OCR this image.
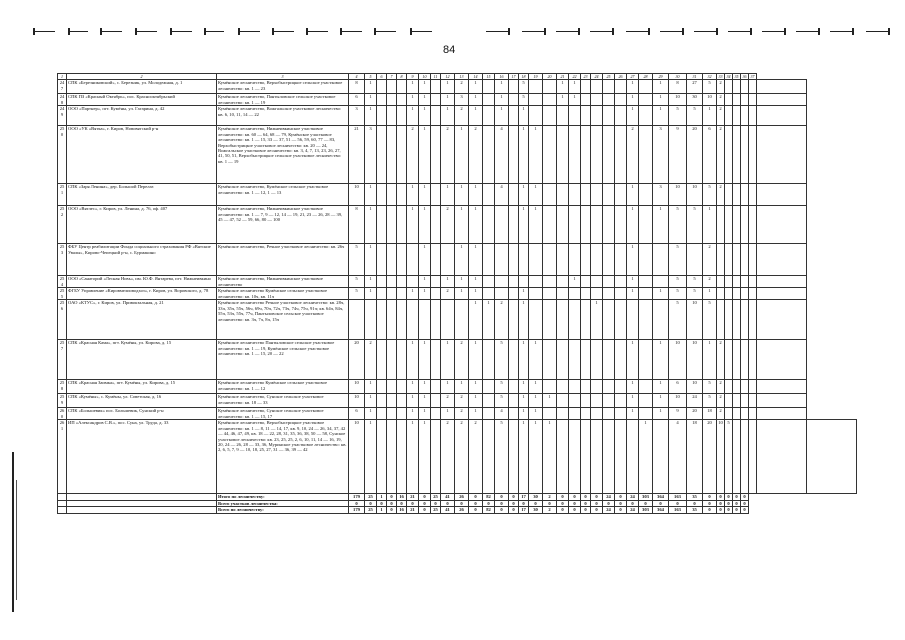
84
1	2	3	4	5	6	7	8	9	10	11	12	13	14	15	16	17	18	19	20	21	22	23	24	25	26	27	28	29	30	31	32	33	34	35	36	37		
247	СПК «Березниковский», с. Березник, ул. Молодежная, д. 1	Кумёнское лесничество, Верхобыстрицкое сельское участковое лесничество: кв. 1 — 23	8	1				1	1		1	2	1		1		5			1	1					1		1	8	27	5	2						
248	СПК ПЗ «Красный Октябрь», пос. Краснооктябрьский	Кумёнское лесничество, Пантыловское сельское участковое лесничество: кв. 1 — 19	6	1				1	1		1	3	1		1		5			1	1					1		1	10	30	10	2						
249	ООО «Партнер», пгт. Кумёны, ул. Гагарина, д. 42	Кумёнское лесничество, Вожгальское участковое лесничество: кв. 6, 10, 11, 14 — 22	3	1				1	1		1	2	1		1		1									1		1	5	5	1	2						
250	ООО «УК «Вятка», г. Киров, Нововятский р-н	Кумёнское лесничество, Нижнеивкинское участковое лесничество: кв. 60 — 64, 68 — 79, Кумёнское участковое лесничество: кв. 1 — 15, 33 — 37, 51 — 56, 59, 60, 77 — 83, Верхобыстрицкое участковое лесничество: кв. 20 — 24, Вожгальское участковое лесничество: кв. 3, 4, 7, 13, 23, 26, 27, 41, 50, 51, Верхобыстрицкое сельское участковое лесничество: кв. 1 — 19	21	3				2	1		2	1	2		4		1	1								2		3	9	20	6	2						
251	СПК «Заря Ленина», дер. Большой Перелаз	Кумёнское лесничество, Кумёнское сельское участковое лесничество: кв. 1 — 12, 1 — 13	10	1				1	1		1	1	1		4		1	1								1		3	10	10	5	2						
252	ООО «Вятлес», г. Киров, ул. Ленина, д. 76, оф. 407	Кумёнское лесничество, Нижнеивкинское участковое лесничество: кв. 1 — 7, 9 — 12, 14 — 19, 21, 23 — 26, 28 — 39, 45 — 47, 52 — 59, 66, 80 — 100	8	1				1	1		2	1	1				1	1								1		1	5	5	1							
253	ФБУ Центр реабилитации Фонда социального страхования РФ «Вятские Увалы», Кирово-Чепецкий р-н, с. Бурмакино	Кумёнское лесничество, Речное участковое лесничество: кв. 26ч	5	1					1			1	1													1			5		2							
254	ООО «Санаторий «Лесная Новь», им. Ю.Ф. Янтарева, пгт. Нижнеивкино	Кумёнское лесничество, Нижнеивкинское участковое лесничество	5	1					1		1	1	1								1					1			5	5	2							
255	ФГБУ Управление «Кировмелиоводхоз», г. Киров, ул. Воровского, д. 78	Кумёнское лесничество Кумёнское сельское участковое лесничество: кв. 10ч, кв. 11ч	5	1				1	1		2	1	1				1									1		1	5	5	1							
256	ОАО «КТУС», г. Киров, ул. Привокзальная, д. 21	Кумёнское лесничество Речное участковое лесничество: кв. 28ч, 33ч, 35ч, 55ч, 56ч, 69ч, 70ч, 72ч, 73ч, 74ч, 75ч, 91ч; кв. 64ч, 84ч, 55ч, 53ч, 55ч, 77ч, Пантыловское сельское участковое лесничество: кв. 3ч, 7ч, 8ч, 15ч											1	1	2		1						1						5	10	5							
257	СПК «Красная Кама», пгт. Кумёны, ул. Кирова, д. 15	Кумёнское лесничество Пантыловское сельское участковое лесничество: кв. 1 — 19, Кумёнское сельское участковое лесничество: кв. 1 — 15, 20 — 22	20	2				1	1		1	2	1		5		1	1								1		1	10	10	1	2						
258	СПК «Красная Заимка», пгт. Кумёны, ул. Кирова, д. 15	Кумёнское лесничество Кумёнское сельское участковое лесничество: кв. 1 — 12	10	1				1	1		1	1	1		5		1	1								1		1	6	10	5	2						
259	СПК «Кумёны», с. Кумёны, ул. Советская, д. 16	Кумёнское лесничество, Сунское сельское участковое лесничество: кв. 18 — 33	10	1				1	1		2	2	1		5		1	1	1							1		1	10	24	5	2						
260	СПК «Большевик» пос. Большевик, Сунский р-н	Кумёнское лесничество, Сунское сельское участковое лесничество: кв. 1 — 15, 17	6	1				1	1		1	2	1		4		1	1								1		1	9	20	18	2						
261	ИП «Александров С.В.», пос. Суна, ул. Труда, д. 33	Кумёнское лесничество, Верхобыстрицкое участковое лесничество: кв. 1 — 8, 11 — 14, 17, кв. 9, 10, 24 — 26, 34, 37, 42 — 44, 46, 47, 49, кв. 18 — 22, 28, 31, 35, 36, 38, 50 — 58, Сунское участковое лесничество: кв. 23, 25, 25, 2, 6, 10, 11, 14 — 16, 19, 20, 24 — 26, 28 — 33, 36, Муринское участковое лесничество: кв. 2, 6, 5, 7, 9 — 10, 18, 25, 27, 31 — 36, 39 — 42	10	1				1	1		2	2	2		5		1	1	1								1		4	18	20	10	5					
		Итого по лесничеству:	179	25	1	0	16	21	0	25	41	26	0	82	0	0	17	30	2	0	0	0	0	24	0	24	303	364	163	35	0	0	0	0	0			
		Всего участков лесничества:	0	0	0	0	0	0	0	0	0	0	0	0	0	0	0	0	0	0	0	0	0	0	0	0	0	0	0	0	0	0	0	0	0			
		Всего по лесничеству:	179	25	1	0	16	21	0	25	41	26	0	82	0	0	17	30	2	0	0	0	0	24	0	24	303	364	163	35	0	0	0	0	0			
